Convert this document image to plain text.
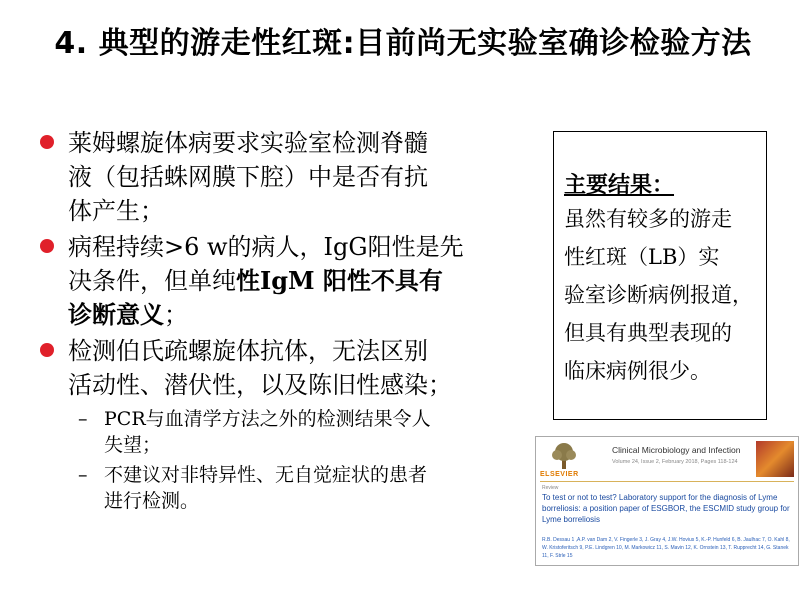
4. 典型的游走性红斑:目前尚无实验室确诊检验方法
莱姆螺旋体病要求实验室检测脊髓
液（包括蛛网膜下腔）中是否有抗
体产生；
病程持续>6 w的病人，IgG阳性是先
决条件，但单纯性IgM 阳性不具有
诊断意义；
检测伯氏疏螺旋体抗体，无法区别
活动性、潜伏性，以及陈旧性感染；
– PCR与血清学方法之外的检测结果令人
失望；
– 不建议对非特异性、无自觉症状的患者
进行检测。
主要结果：
虽然有较多的游走
性红斑（LB）实
验室诊断病例报道，
但具有典型表现的
临床病例很少。
ELSEVIER
Clinical Microbiology and Infection
Volume 24, Issue 2, February 2018, Pages 118-124
Review
To test or not to test? Laboratory support for the diagnosis of Lyme borreliosis: a position paper of ESGBOR, the ESCMID study group for Lyme borreliosis
R.B. Dessau 1 ,A.P. van Dam 2, V. Fingerle 3, J. Gray 4, J.W. Hovius 5, K.-P. Hunfeld 6, B. Jaulhac 7, O. Kahl 8, W. Kristoferitsch 9, P.E. Lindgren 10, M. Markowicz 11, S. Mavin 12, K. Ornstein 13, T. Rupprecht 14, G. Stanek 11, F. Strle 15
